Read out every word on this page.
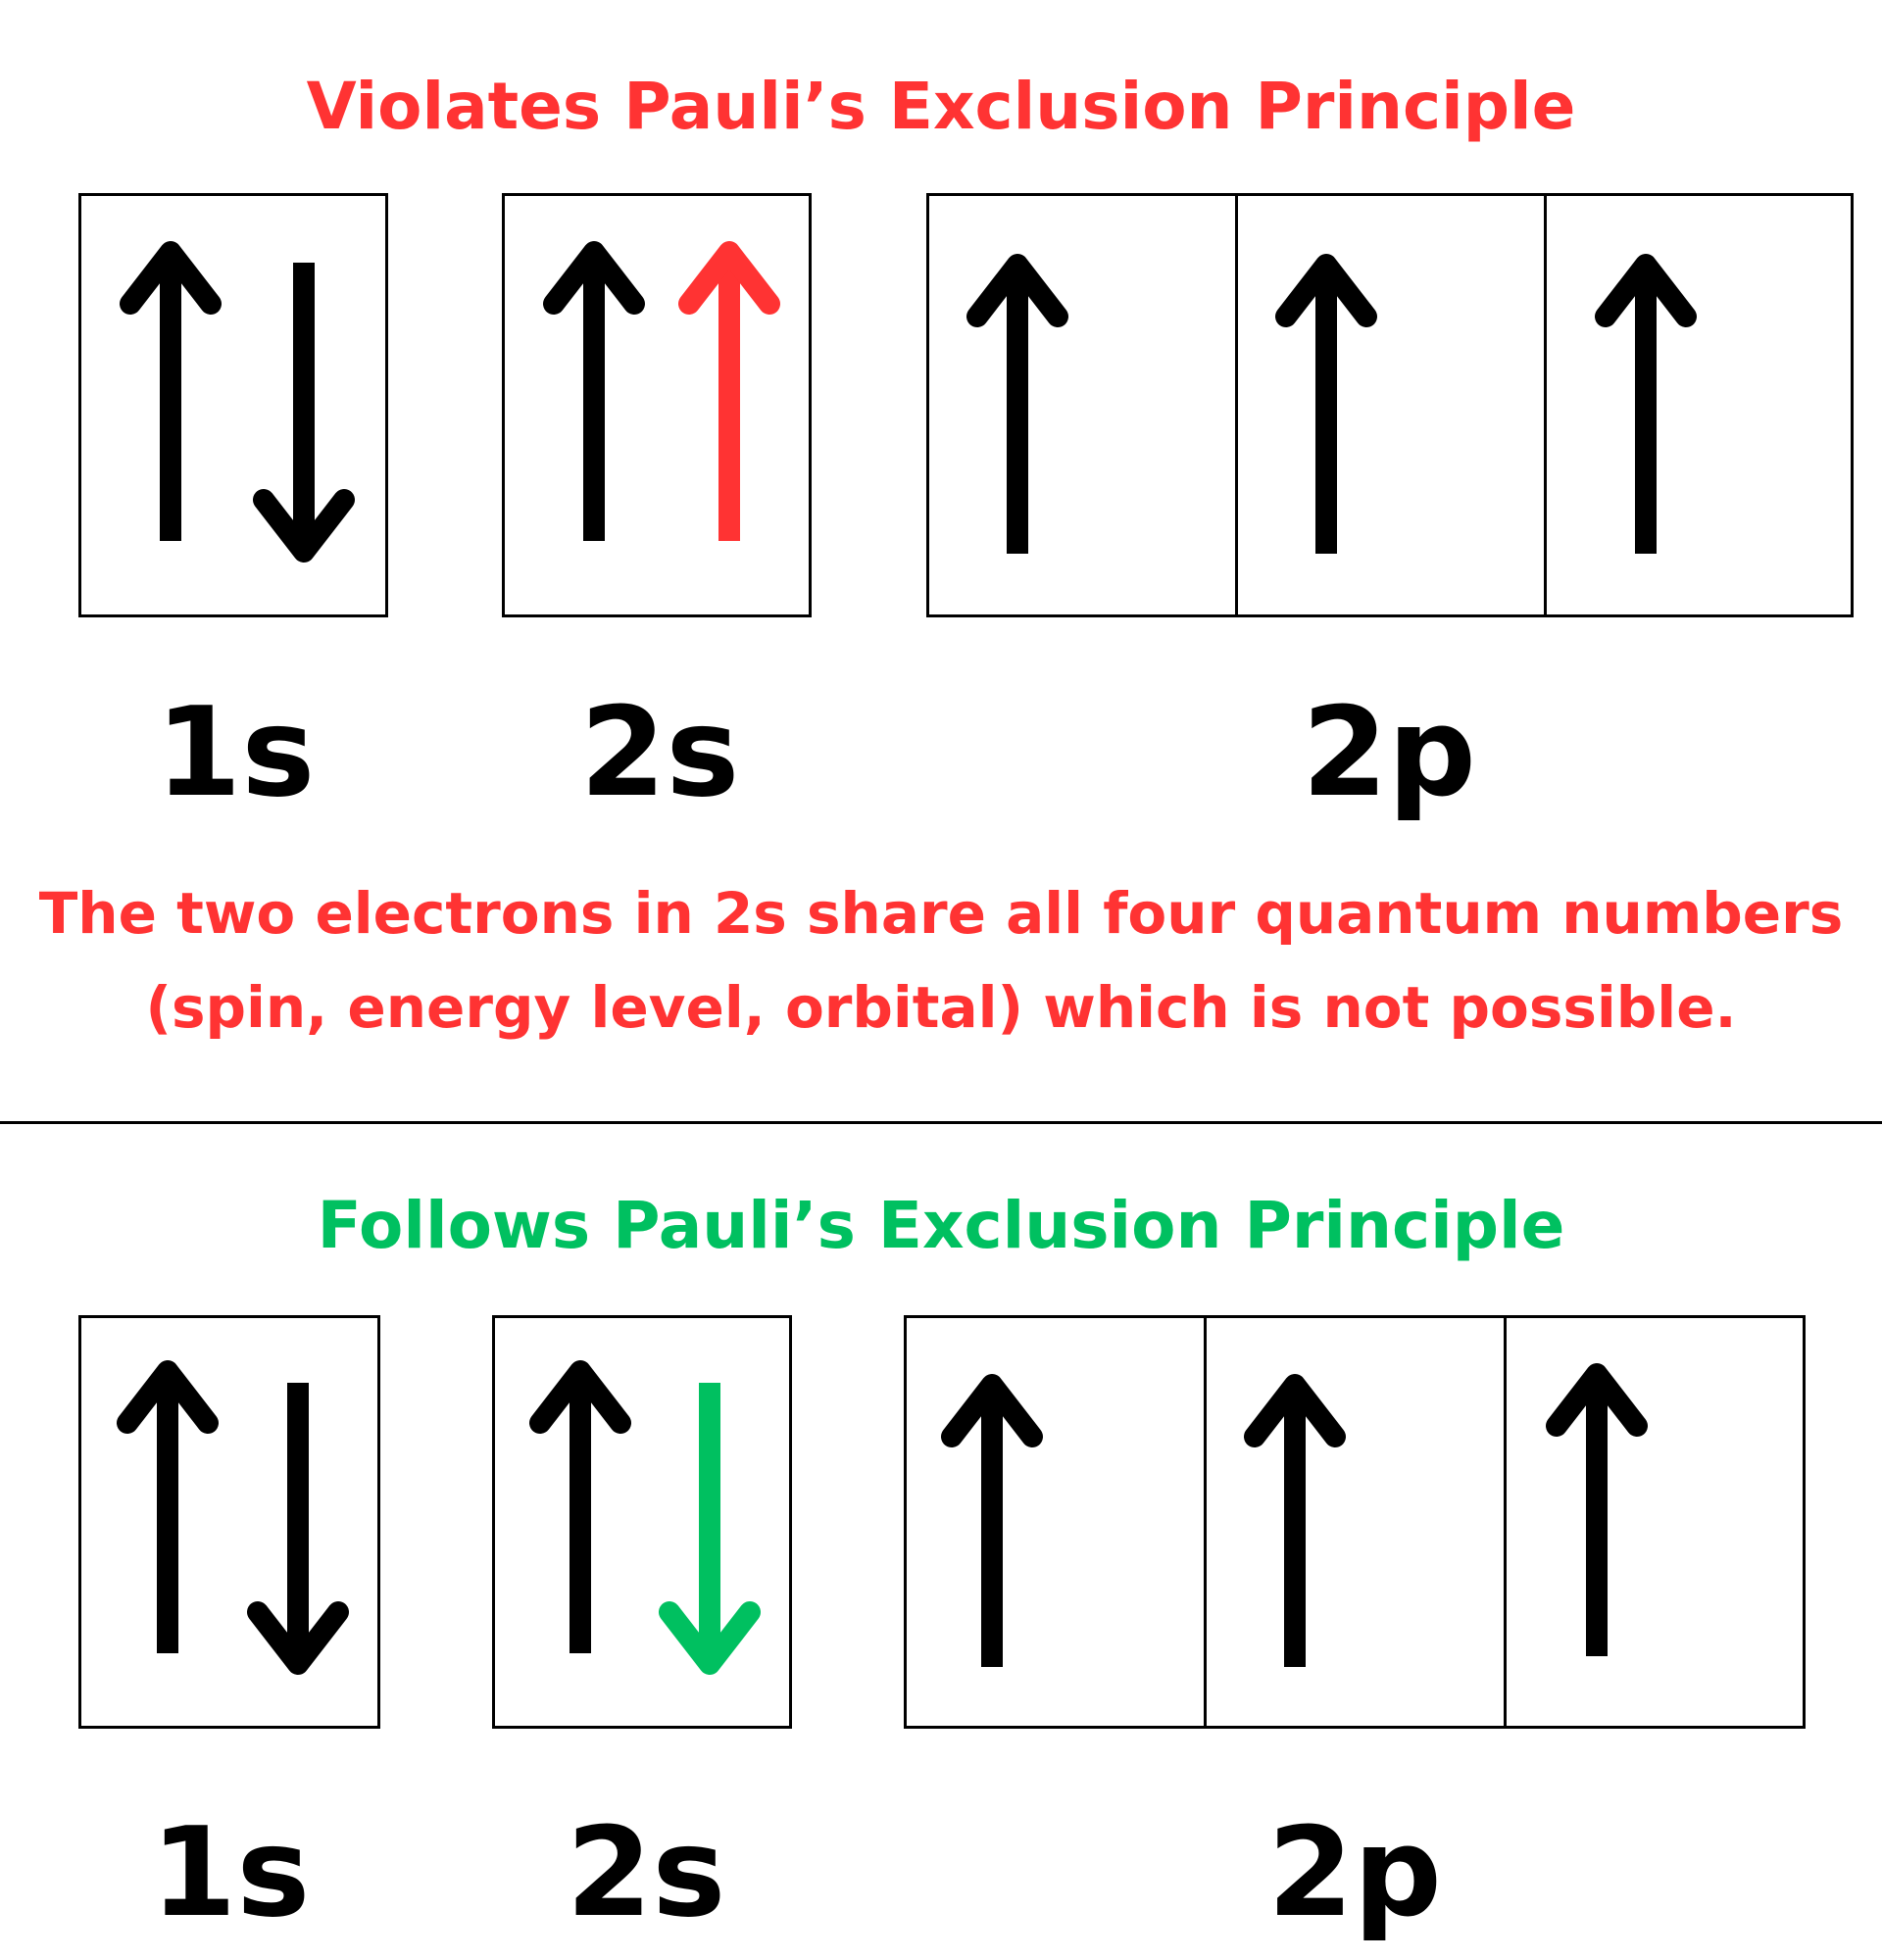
Violates Pauli’s Exclusion Principle
1s	2s	2p

The two electrons in 2s share all four quantum numbers

(spin, energy level, orbital) which is not possible.

Follows Pauli’s Exclusion Principle
1s	2s	2p
